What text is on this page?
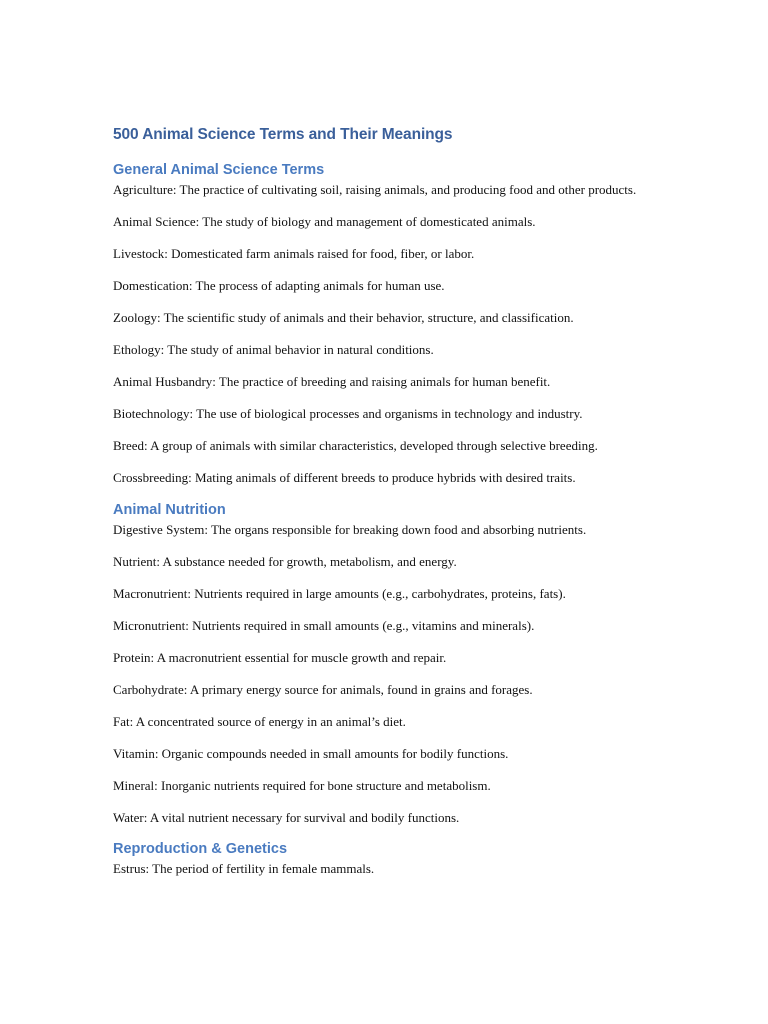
500 Animal Science Terms and Their Meanings
General Animal Science Terms

Agriculture: The practice of cultivating soil, raising animals, and producing food and other products.

Animal Science: The study of biology and management of domesticated animals.

Livestock: Domesticated farm animals raised for food, fiber, or labor.

Domestication: The process of adapting animals for human use.

Zoology: The scientific study of animals and their behavior, structure, and classification.

Ethology: The study of animal behavior in natural conditions.

Animal Husbandry: The practice of breeding and raising animals for human benefit.

Biotechnology: The use of biological processes and organisms in technology and industry.

Breed: A group of animals with similar characteristics, developed through selective breeding.

Crossbreeding: Mating animals of different breeds to produce hybrids with desired traits.

Animal Nutrition

Digestive System: The organs responsible for breaking down food and absorbing nutrients.

Nutrient: A substance needed for growth, metabolism, and energy.

Macronutrient: Nutrients required in large amounts (e.g., carbohydrates, proteins, fats).

Micronutrient: Nutrients required in small amounts (e.g., vitamins and minerals).

Protein: A macronutrient essential for muscle growth and repair.

Carbohydrate: A primary energy source for animals, found in grains and forages.

Fat: A concentrated source of energy in an animal’s diet.

Vitamin: Organic compounds needed in small amounts for bodily functions.

Mineral: Inorganic nutrients required for bone structure and metabolism.

Water: A vital nutrient necessary for survival and bodily functions.

Reproduction & Genetics

Estrus: The period of fertility in female mammals.
